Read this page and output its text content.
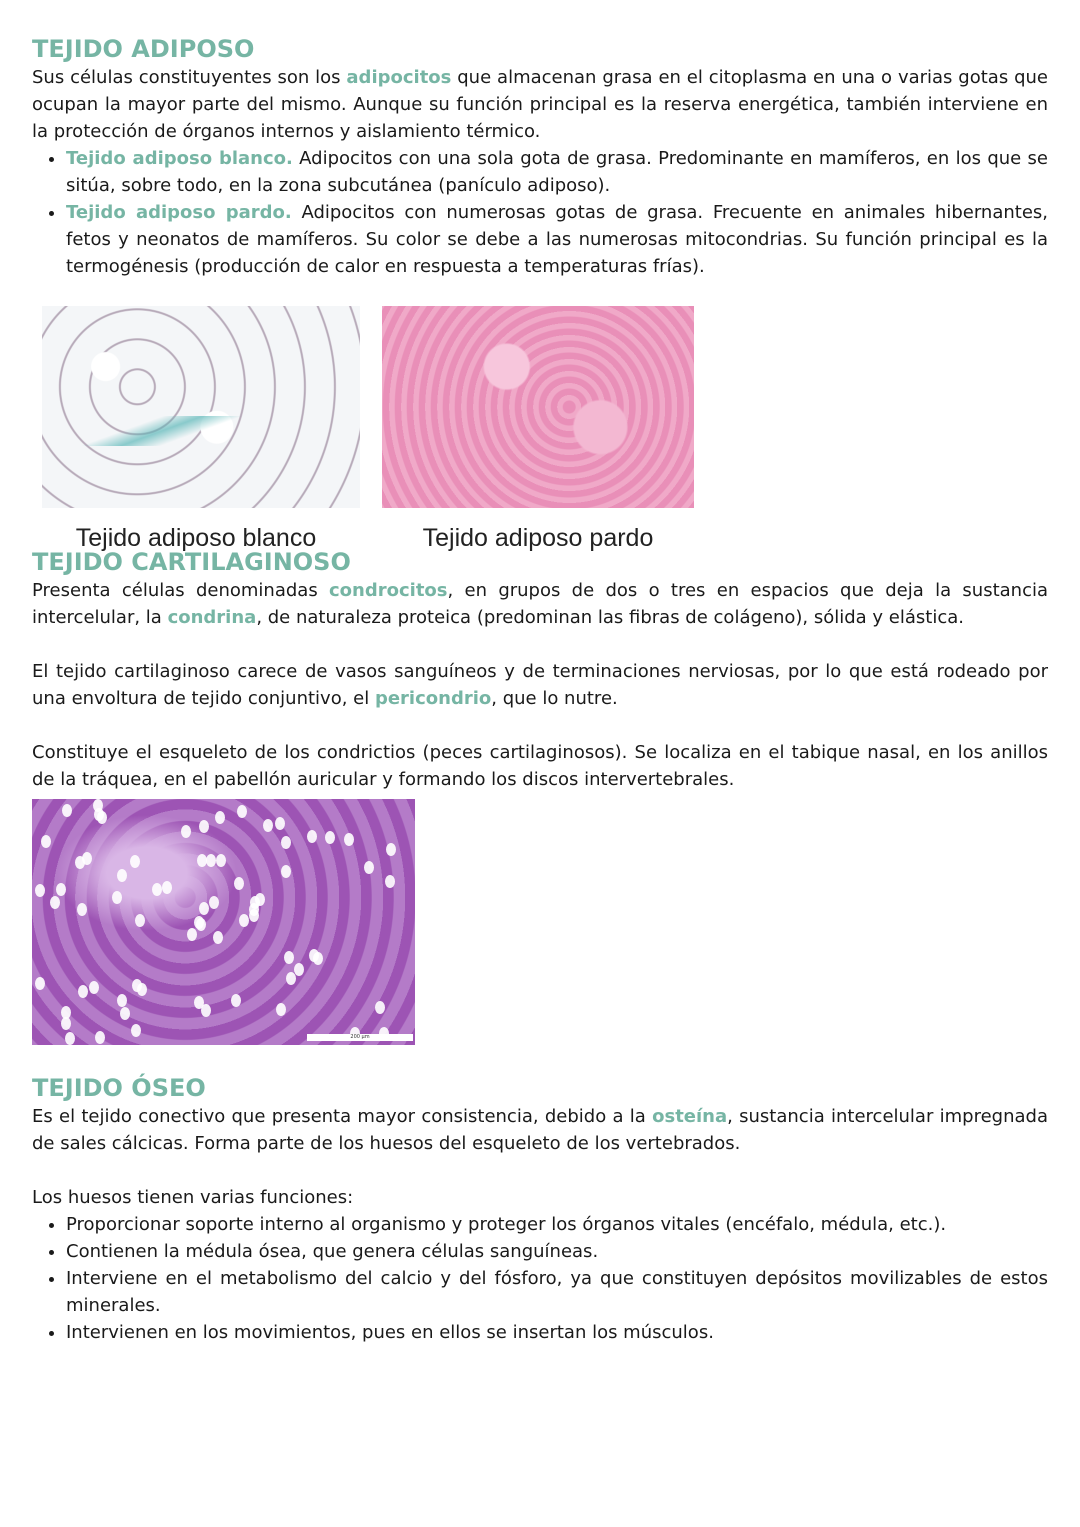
TEJIDO ADIPOSO

Sus células constituyentes son los adipocitos que almacenan grasa en el citoplasma en una o varias gotas que ocupan la mayor parte del mismo. Aunque su función principal es la reserva energética, también interviene en la protección de órganos internos y aislamiento térmico.

• Tejido adiposo blanco. Adipocitos con una sola gota de grasa. Predominante en mamíferos, en los que se sitúa, sobre todo, en la zona subcutánea (panículo adiposo).
• Tejido adiposo pardo. Adipocitos con numerosas gotas de grasa. Frecuente en animales hibernantes, fetos y neonatos de mamíferos. Su color se debe a las numerosas mitocondrias. Su función principal es la termogénesis (producción de calor en respuesta a temperaturas frías).
Tejido adiposo blanco	Tejido adiposo pardo
TEJIDO CARTILAGINOSO

Presenta células denominadas condrocitos, en grupos de dos o tres en espacios que deja la sustancia intercelular, la condrina, de naturaleza proteica (predominan las fibras de colágeno), sólida y elástica.

El tejido cartilaginoso carece de vasos sanguíneos y de terminaciones nerviosas, por lo que está rodeado por una envoltura de tejido conjuntivo, el pericondrio, que lo nutre.

Constituye el esqueleto de los condrictios (peces cartilaginosos). Se localiza en el tabique nasal, en los anillos de la tráquea, en el pabellón auricular y formando los discos intervertebrales.

200 µm
TEJIDO ÓSEO

Es el tejido conectivo que presenta mayor consistencia, debido a la osteína, sustancia intercelular impregnada de sales cálcicas. Forma parte de los huesos del esqueleto de los vertebrados.

Los huesos tienen varias funciones:

• Proporcionar soporte interno al organismo y proteger los órganos vitales (encéfalo, médula, etc.).
• Contienen la médula ósea, que genera células sanguíneas.
• Interviene en el metabolismo del calcio y del fósforo, ya que constituyen depósitos movilizables de estos minerales.
• Intervienen en los movimientos, pues en ellos se insertan los músculos.
